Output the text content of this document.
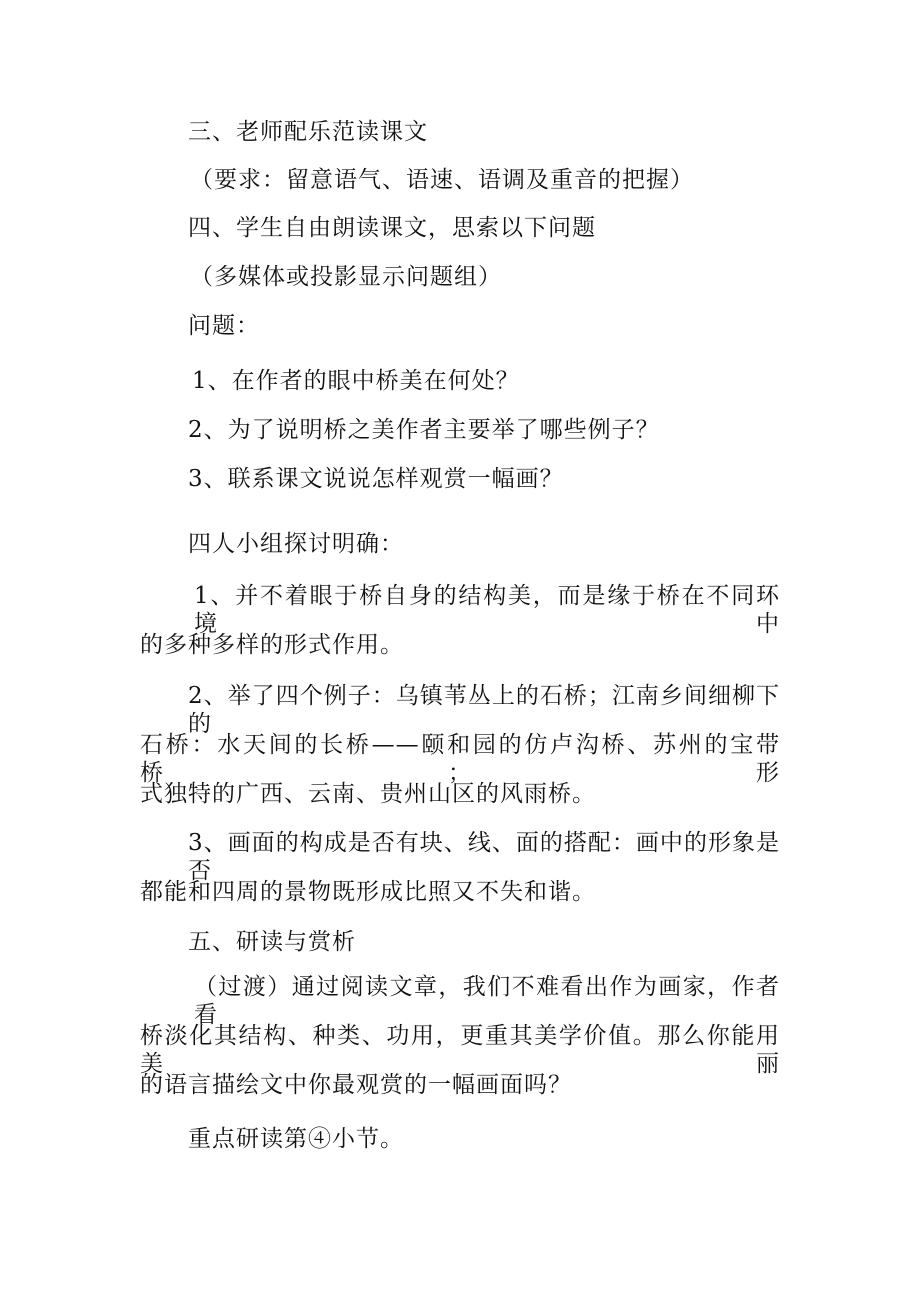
三、老师配乐范读课文
（要求：留意语气、语速、语调及重音的把握）
四、学生自由朗读课文，思索以下问题
（多媒体或投影显示问题组）
问题：
1、在作者的眼中桥美在何处？
2、为了说明桥之美作者主要举了哪些例子？
3、联系课文说说怎样观赏一幅画？
四人小组探讨明确：
1、并不着眼于桥自身的结构美，而是缘于桥在不同环境中
的多种多样的形式作用。
2、举了四个例子：乌镇苇丛上的石桥；江南乡间细柳下的
石桥：水天间的长桥——颐和园的仿卢沟桥、苏州的宝带桥；形
式独特的广西、云南、贵州山区的风雨桥。
3、画面的构成是否有块、线、面的搭配：画中的形象是否
都能和四周的景物既形成比照又不失和谐。
五、研读与赏析
（过渡）通过阅读文章，我们不难看出作为画家，作者看
桥淡化其结构、种类、功用，更重其美学价值。那么你能用美丽
的语言描绘文中你最观赏的一幅画面吗？
重点研读第④小节。
